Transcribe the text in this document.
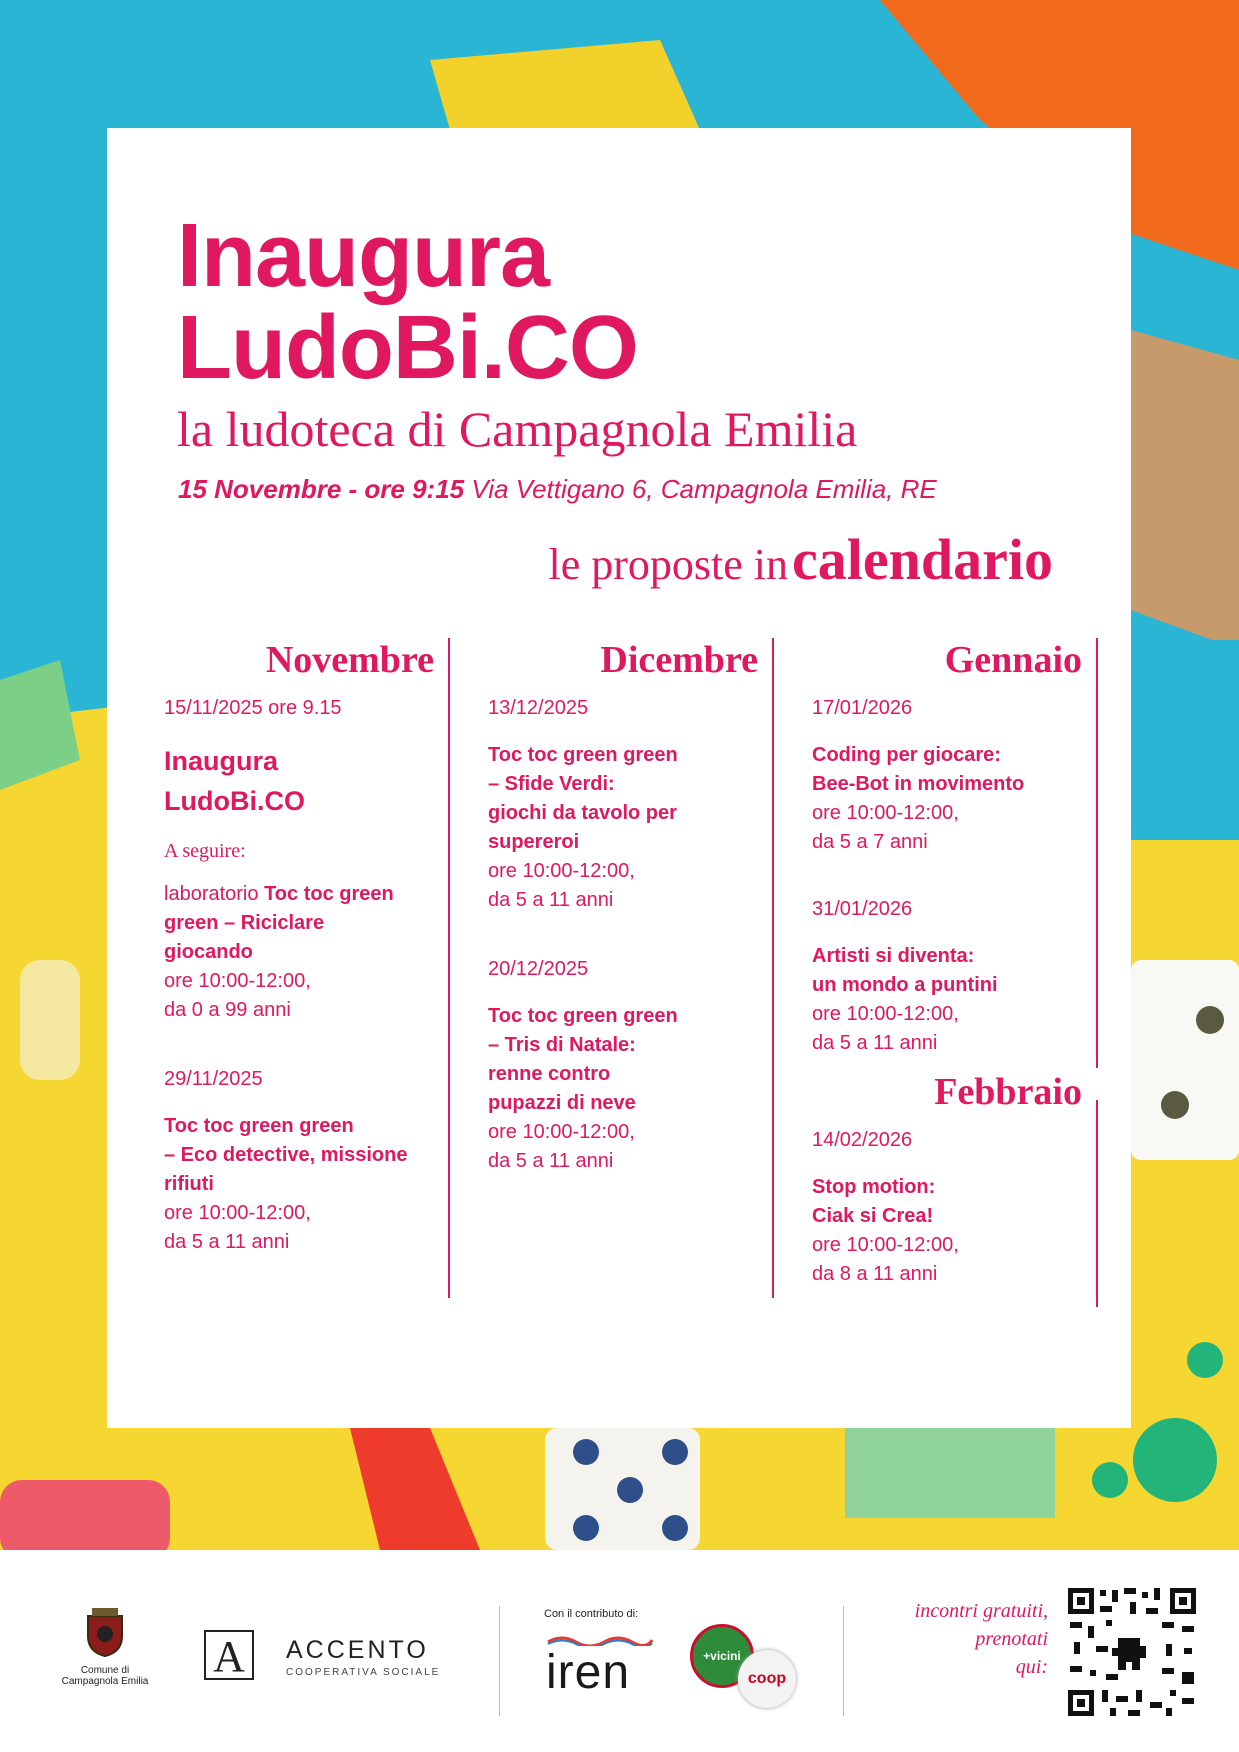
Inaugura
LudoBi.CO
la ludoteca di Campagnola Emilia
15 Novembre - ore 9:15 Via Vettigano 6, Campagnola Emilia, RE
le proposte in calendario
Novembre
15/11/2025 ore 9.15
Inaugura
LudoBi.CO
A seguire:
laboratorio Toc toc green
green – Riciclare
giocando
ore 10:00-12:00,
da 0 a 99 anni
29/11/2025
Toc toc green green
– Eco detective, missione
rifiuti
ore 10:00-12:00,
da 5 a 11 anni
Dicembre
13/12/2025
Toc toc green green
– Sfide Verdi:
giochi da tavolo per
supereroi
ore 10:00-12:00,
da 5 a 11 anni
20/12/2025
Toc toc green green
– Tris di Natale:
renne contro
pupazzi di neve
ore 10:00-12:00,
da 5 a 11 anni
Gennaio
17/01/2026
Coding per giocare:
Bee-Bot in movimento
ore 10:00-12:00,
da 5 a 7 anni
31/01/2026
Artisti si diventa:
un mondo a puntini
ore 10:00-12:00,
da 5 a 11 anni
Febbraio
14/02/2026
Stop motion:
Ciak si Crea!
ore 10:00-12:00,
da 8 a 11 anni
Comune di
Campagnola Emilia
A	ACCENTO
COOPERATIVA SOCIALE
Con il contributo di:
iren	+vicini
coop
incontri gratuiti,
prenotati
qui:
